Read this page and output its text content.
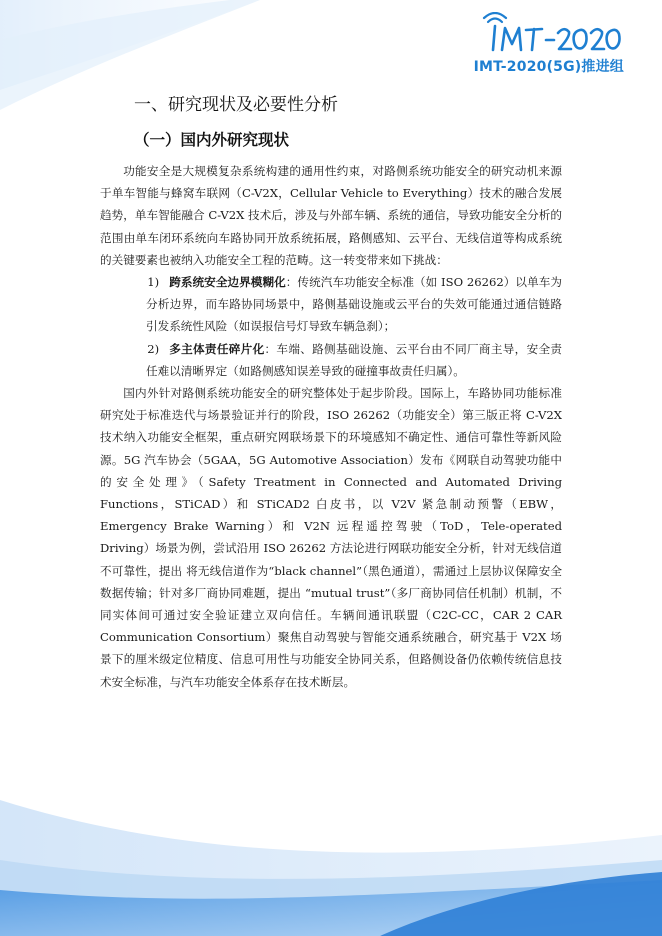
IMT-2020(5G)推进组
一、研究现状及必要性分析
（一）国内外研究现状

功能安全是大规模复杂系统构建的通用性约束，对路侧系统功能安全的研究动机来源于单车智能与蜂窝车联网（C-V2X，Cellular Vehicle to Everything）技术的融合发展趋势，单车智能融合 C-V2X 技术后，涉及与外部车辆、系统的通信，导致功能安全分析的范围由单车闭环系统向车路协同开放系统拓展，路侧感知、云平台、无线信道等构成系统的关键要素也被纳入功能安全工程的范畴。这一转变带来如下挑战：

1) 跨系统安全边界模糊化：传统汽车功能安全标准（如 ISO 26262）以单车为分析边界，而车路协同场景中，路侧基础设施或云平台的失效可能通过通信链路引发系统性风险（如误报信号灯导致车辆急刹）；

2) 多主体责任碎片化：车端、路侧基础设施、云平台由不同厂商主导，安全责任难以清晰界定（如路侧感知误差导致的碰撞事故责任归属）。

国内外针对路侧系统功能安全的研究整体处于起步阶段。国际上，车路协同功能标准研究处于标准迭代与场景验证并行的阶段，ISO 26262（功能安全）第三版正将 C-V2X 技术纳入功能安全框架，重点研究网联场景下的环境感知不确定性、通信可靠性等新风险源。5G 汽车协会（5GAA，5G Automotive Association）发布《网联自动驾驶功能中的安全处理》（Safety Treatment in Connected and Automated Driving Functions，STiCAD）和 STiCAD2 白皮书，以 V2V 紧急制动预警（EBW，Emergency Brake Warning）和 V2N 远程遥控驾驶（ToD，Tele-operated Driving）场景为例，尝试沿用 ISO 26262 方法论进行网联功能安全分析，针对无线信道不可靠性，提出 将无线信道作为“black channel”（黑色通道），需通过上层协议保障安全数据传输；针对多厂商协同难题，提出 “mutual trust”（多厂商协同信任机制）机制，不同实体间可通过安全验证建立双向信任。车辆间通讯联盟（C2C-CC，CAR 2 CAR Communication Consortium）聚焦自动驾驶与智能交通系统融合，研究基于 V2X 场景下的厘米级定位精度、信息可用性与功能安全协同关系，但路侧设备仍依赖传统信息技术安全标准，与汽车功能安全体系存在技术断层。
